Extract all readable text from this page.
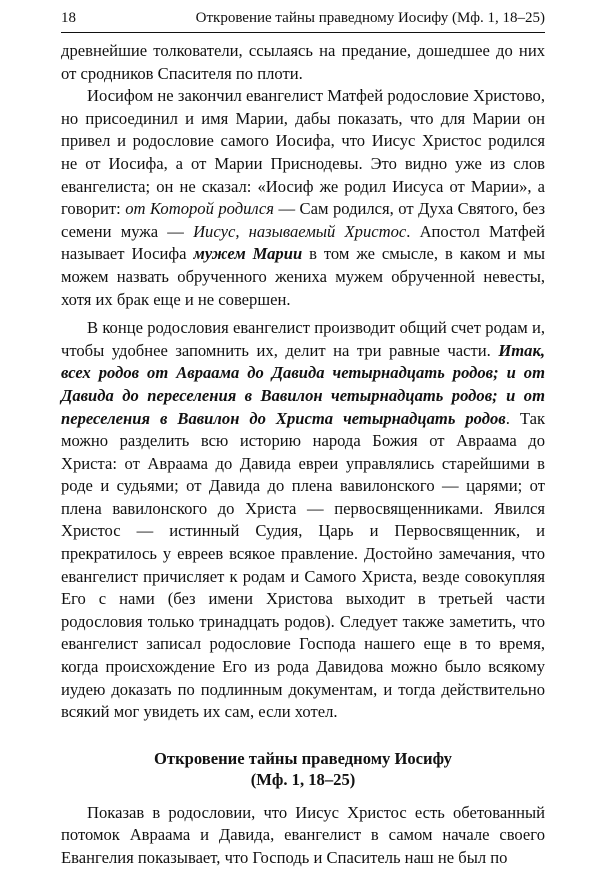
18	Откровение тайны праведному Иосифу (Мф. 1, 18–25)

древнейшие толкователи, ссылаясь на предание, дошедшее до них от сродников Спасителя по плоти.

Иосифом не закончил евангелист Матфей родословие Христово, но присоединил и имя Марии, дабы показать, что для Марии он привел и родословие самого Иосифа, что Иисус Христос родился не от Иосифа, а от Марии Приснодевы. Это видно уже из слов евангелиста; он не сказал: «Иосиф же родил Иисуса от Марии», а говорит: от Которой родился — Сам родился, от Духа Святого, без семени мужа — Иисус, называемый Христос. Апостол Матфей называет Иосифа мужем Марии в том же смысле, в каком и мы можем назвать обрученного жениха мужем обрученной невесты, хотя их брак еще и не совершен.

В конце родословия евангелист производит общий счет родам и, чтобы удобнее запомнить их, делит на три равные части. Итак, всех родов от Авраама до Давида четырнадцать родов; и от Давида до переселения в Вавилон четырнадцать родов; и от переселения в Вавилон до Христа четырнадцать родов. Так можно разделить всю историю народа Божия от Авраама до Христа: от Авраама до Давида евреи управлялись старейшими в роде и судьями; от Давида до плена вавилонского — царями; от плена вавилонского до Христа — первосвященниками. Явился Христос — истинный Судия, Царь и Первосвященник, и прекратилось у евреев всякое правление. Достойно замечания, что евангелист причисляет к родам и Самого Христа, везде совокупляя Его с нами (без имени Христова выходит в третьей части родословия только тринадцать родов). Следует также заметить, что евангелист записал родословие Господа нашего еще в то время, когда происхождение Его из рода Давидова можно было всякому иудею доказать по подлинным документам, и тогда действительно всякий мог увидеть их сам, если хотел.

Откровение тайны праведному Иосифу
(Мф. 1, 18–25)

Показав в родословии, что Иисус Христос есть обетованный потомок Авраама и Давида, евангелист в самом начале своего Евангелия показывает, что Господь и Спаситель наш не был по
